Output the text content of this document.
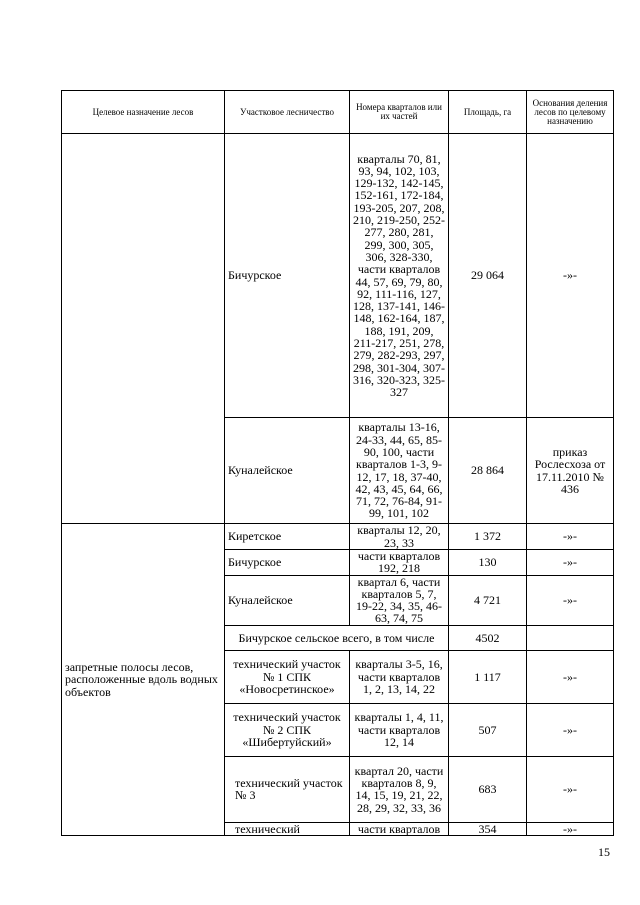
Целевое назначение лесов	Участковое лесничество	Номера кварталов или их частей	Площадь, га	Основания деления лесов по целевому назначению
	Бичурское	кварталы 70, 81, 93, 94, 102, 103, 129-132, 142-145, 152-161, 172-184, 193-205, 207, 208, 210, 219-250, 252-277, 280, 281, 299, 300, 305, 306, 328-330, части кварталов 44, 57, 69, 79, 80, 92, 111-116, 127, 128, 137-141, 146-148, 162-164, 187, 188, 191, 209, 211-217, 251, 278, 279, 282-293, 297, 298, 301-304, 307-316, 320-323, 325-327	29 064	-»-
	Куналейское	кварталы 13-16, 24-33, 44, 65, 85-90, 100, части кварталов 1-3, 9-12, 17, 18, 37-40, 42, 43, 45, 64, 66, 71, 72, 76-84, 91-99, 101, 102	28 864	приказ Рослесхоза от 17.11.2010 № 436
запретные полосы лесов, расположенные вдоль водных объектов	Киретское	кварталы 12, 20, 23, 33	1 372	-»-
	Бичурское	части кварталов 192, 218	130	-»-
	Куналейское	квартал 6, части кварталов 5, 7, 19-22, 34, 35, 46-63, 74, 75	4 721	-»-
	Бичурское сельское всего, в том числе		4502	
	технический участок № 1 СПК «Новосретинское»	кварталы 3-5, 16, части кварталов 1, 2, 13, 14, 22	1 117	-»-
	технический участок № 2 СПК «Шибертуйский»	кварталы 1, 4, 11, части кварталов 12, 14	507	-»-
	технический участок № 3	квартал 20, части кварталов 8, 9, 14, 15, 19, 21, 22, 28, 29, 32, 33, 36	683	-»-
	технический	части кварталов	354	-»-
15
